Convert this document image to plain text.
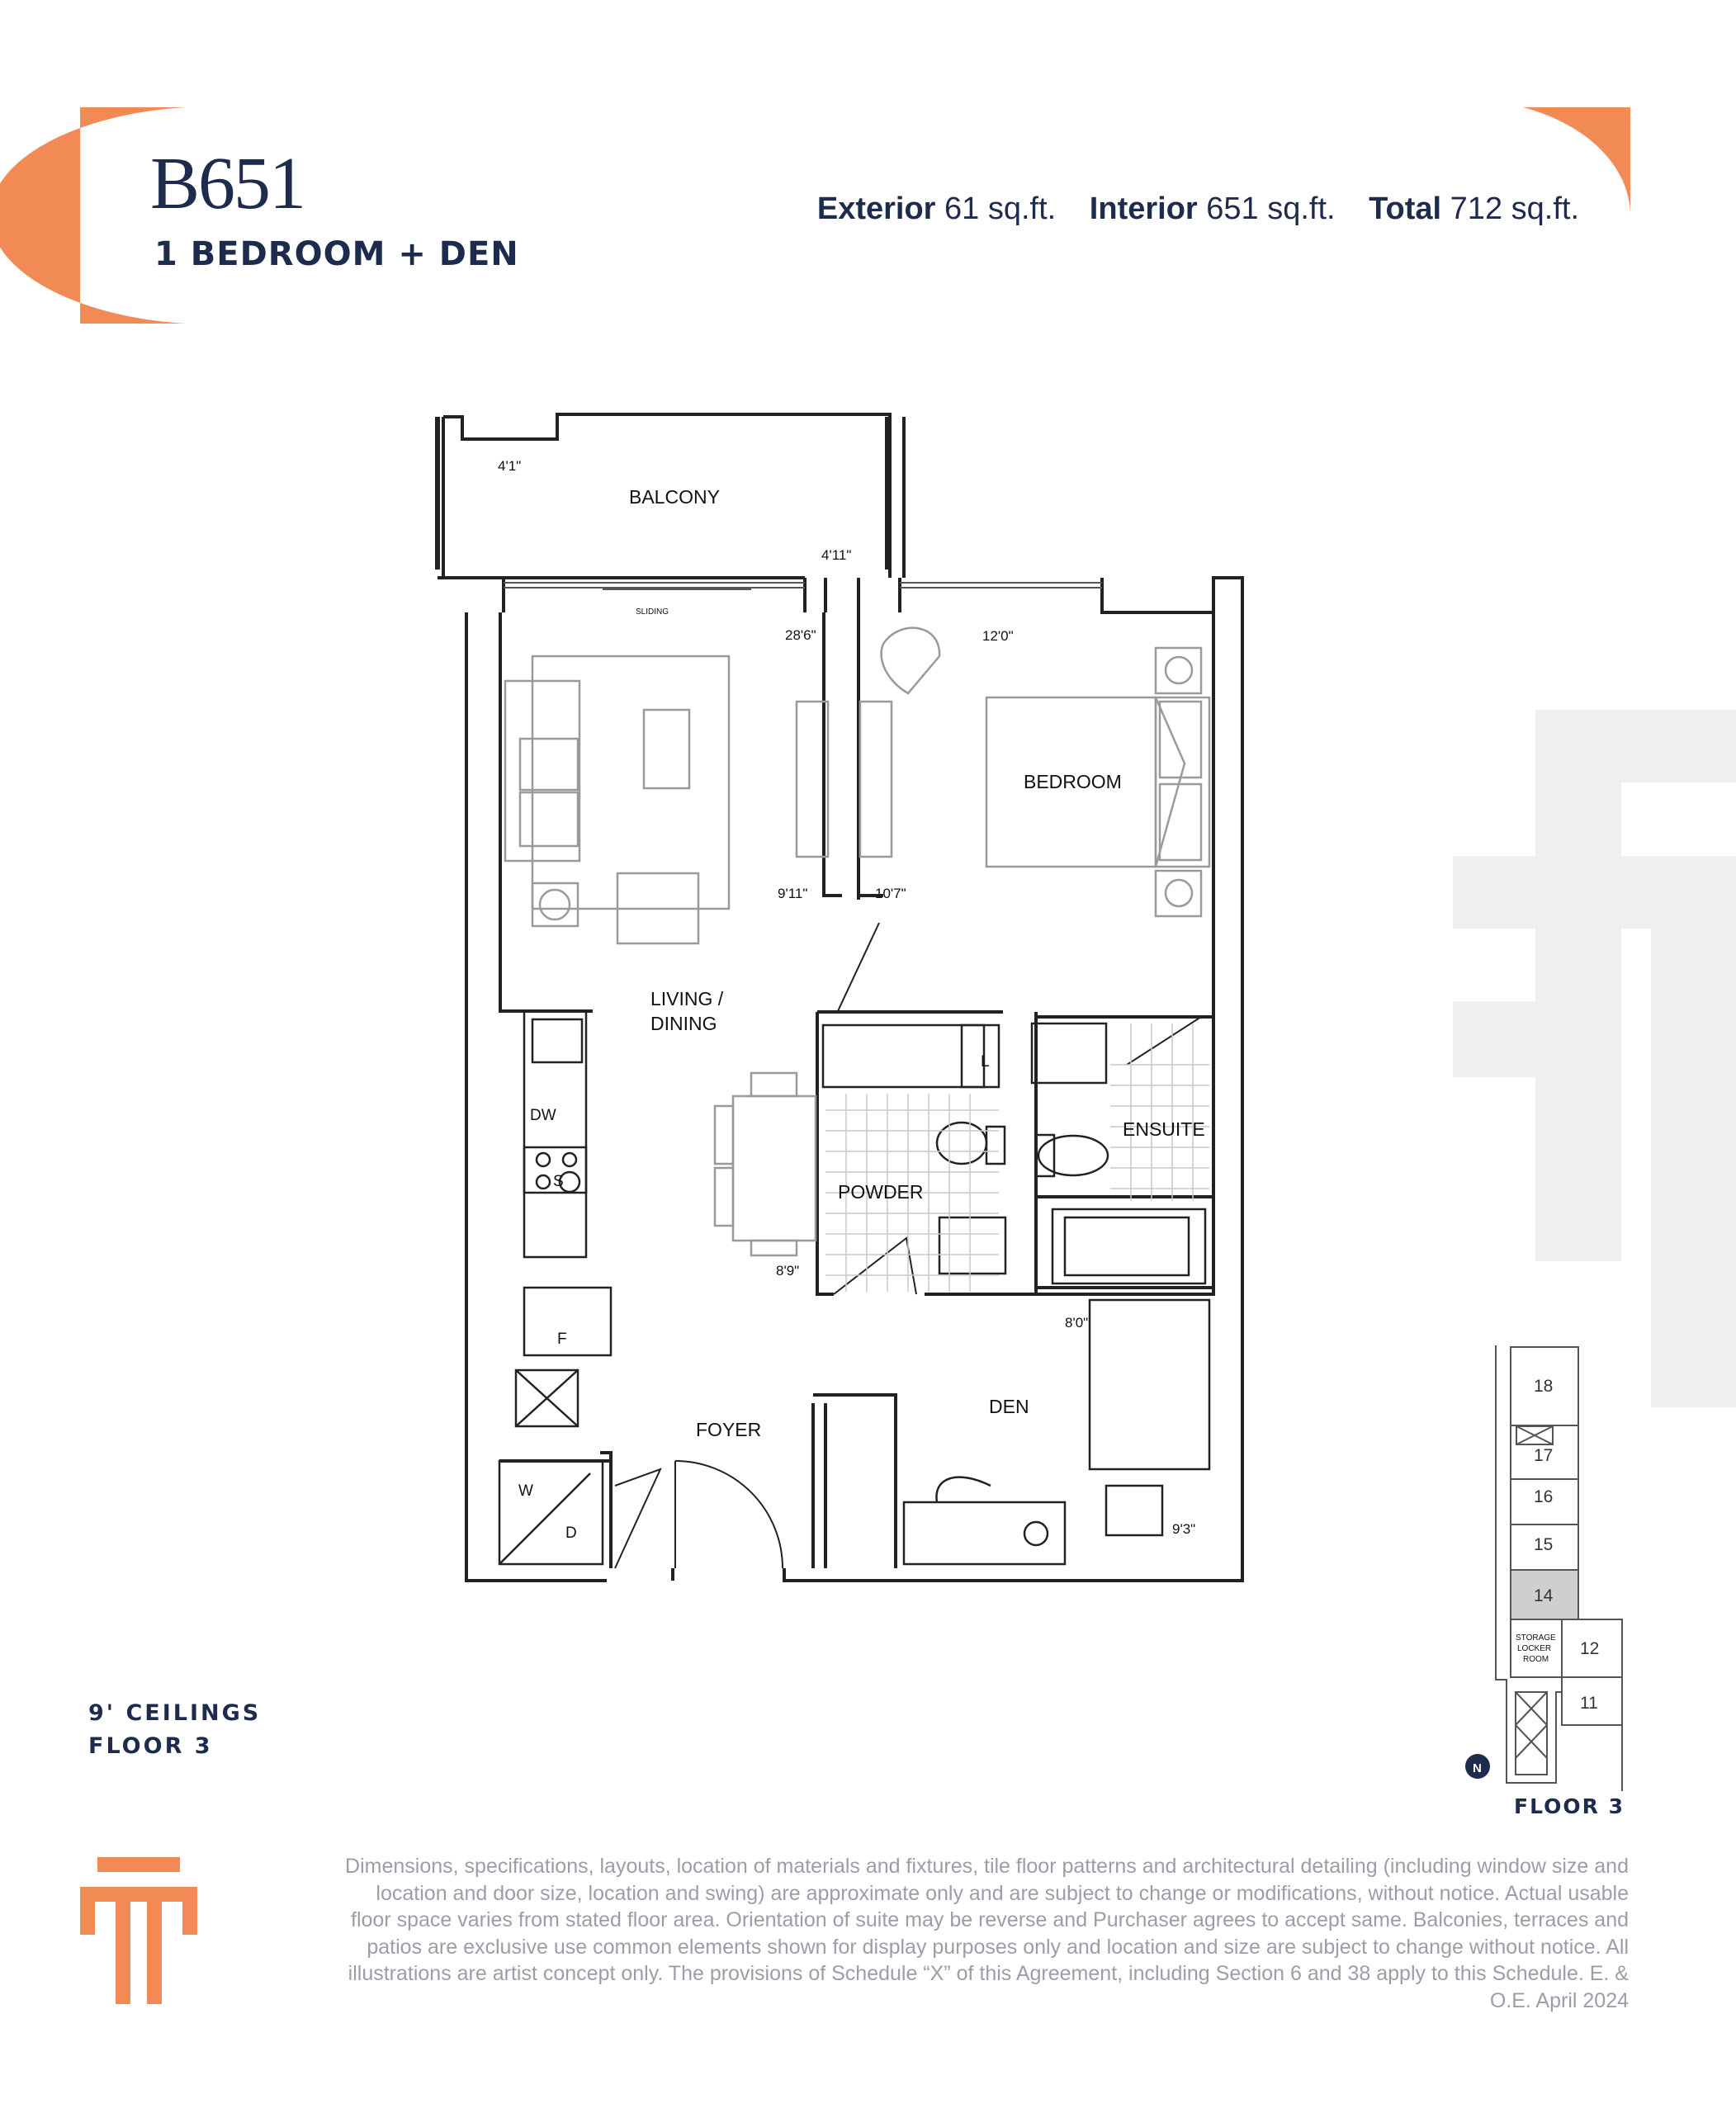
B651
1 BEDROOM + DEN
Exterior 61 sq.ft. Interior 651 sq.ft. Total 712 sq.ft.
BALCONY
LIVING /
DINING
BEDROOM
ENSUITE
POWDER
DEN
FOYER
4'1"
4'11"
28'6"	12'0"
9'11"	10'7"
8'9"
8'0"
9'3"
SLIDING
DW
S
F
L
W
D
18
17
16
15
14
12
11
STORAGE
LOCKER
ROOM
N
FLOOR 3
9' CEILINGS
FLOOR 3
Dimensions, specifications, layouts, location of materials and fixtures, tile floor patterns and architectural detailing (including window size and location and door size, location and swing) are approximate only and are subject to change or modifications, without notice. Actual usable floor space varies from stated floor area. Orientation of suite may be reverse and Purchaser agrees to accept same. Balconies, terraces and patios are exclusive use common elements shown for display purposes only and location and size are subject to change without notice. All illustrations are artist concept only. The provisions of Schedule “X” of this Agreement, including Section 6 and 38 apply to this Schedule. E. & O.E. April 2024
